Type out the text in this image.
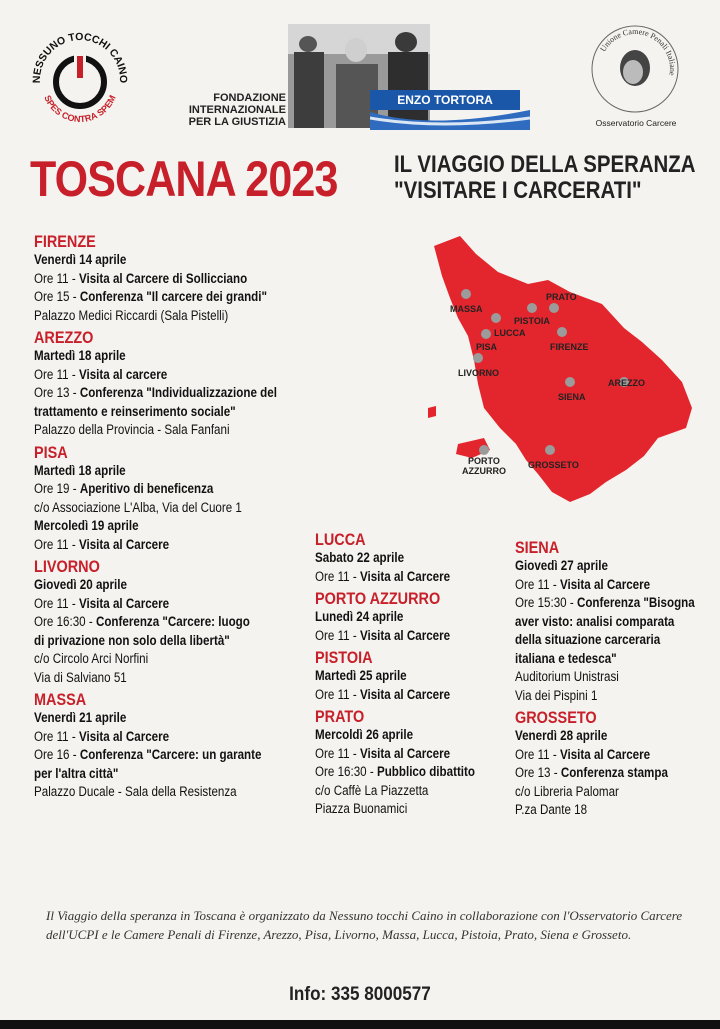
NESSUNO TOCCHI CAINO
SPES CONTRA SPEM	FONDAZIONE
INTERNAZIONALE
PER LA GIUSTIZIA
ENZO TORTORA
Unione Camere Penali Italiane
Osservatorio Carcere
TOSCANA 2023 IL VIAGGIO DELLA SPERANZA
"VISITARE I CARCERATI"
MASSA
PRATO
PISTOIA
LUCCA
PISA	FIRENZE
LIVORNO
AREZZO
SIENA
PORTO
AZZURRO
GROSSETO
FIRENZE
Venerdì 14 aprile
Ore 11 - Visita al Carcere di Sollicciano
Ore 15 - Conferenza "Il carcere dei grandi"
Palazzo Medici Riccardi (Sala Pistelli)
AREZZO
Martedì 18 aprile
Ore 11 - Visita al carcere
Ore 13 - Conferenza "Individualizzazione del
trattamento e reinserimento sociale"
Palazzo della Provincia - Sala Fanfani
PISA
Martedì 18 aprile
Ore 19 - Aperitivo di beneficenza
c/o Associazione L'Alba, Via del Cuore 1
Mercoledì 19 aprile
Ore 11 - Visita al Carcere
LIVORNO
Giovedì 20 aprile
Ore 11 - Visita al Carcere
Ore 16:30 - Conferenza "Carcere: luogo
di privazione non solo della libertà"
c/o Circolo Arci Norfini
Via di Salviano 51
MASSA
Venerdì 21 aprile
Ore 11 - Visita al Carcere
Ore 16 - Conferenza "Carcere: un garante
per l'altra città"
Palazzo Ducale - Sala della Resistenza
LUCCA
Sabato 22 aprile
Ore 11 - Visita al Carcere
PORTO AZZURRO
Lunedì 24 aprile
Ore 11 - Visita al Carcere
PISTOIA
Martedì 25 aprile
Ore 11 - Visita al Carcere
PRATO
Mercoldì 26 aprile
Ore 11 - Visita al Carcere
Ore 16:30 - Pubblico dibattito
c/o Caffè La Piazzetta
Piazza Buonamici
SIENA
Giovedì 27 aprile
Ore 11 - Visita al Carcere
Ore 15:30 - Conferenza "Bisogna
aver visto: analisi comparata
della situazione carceraria
italiana e tedesca"
Auditorium Unistrasi
Via dei Pispini 1
GROSSETO
Venerdì 28 aprile
Ore 11 - Visita al Carcere
Ore 13 - Conferenza stampa
c/o Libreria Palomar
P.za Dante 18
Il Viaggio della speranza in Toscana è organizzato da Nessuno tocchi Caino in collaborazione con l'Osservatorio Carcere dell'UCPI e le Camere Penali di Firenze, Arezzo, Pisa, Livorno, Massa, Lucca, Pistoia, Prato, Siena e Grosseto.
Info: 335 8000577
